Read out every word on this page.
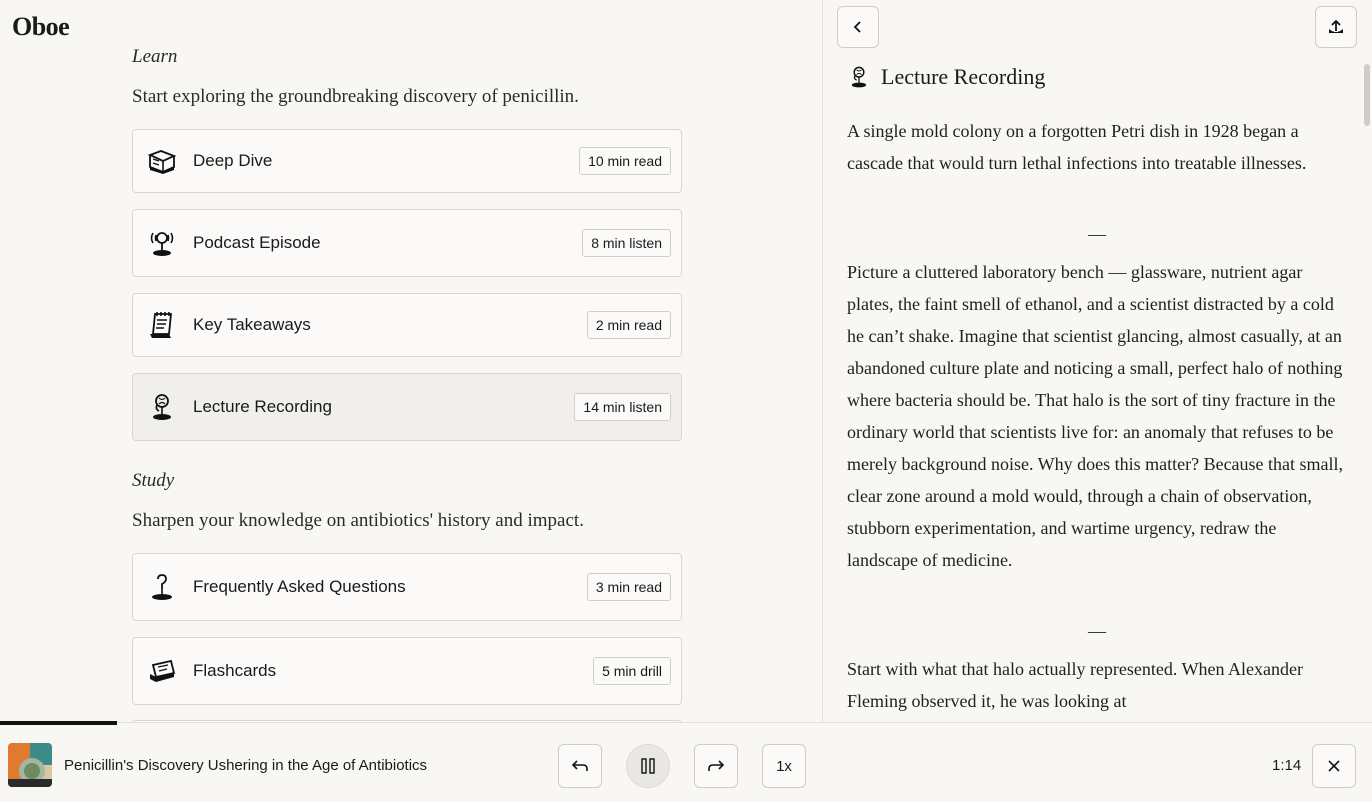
Oboe
Learn
Start exploring the groundbreaking discovery of penicillin.
Deep Dive	10 min read
Podcast Episode	8 min listen
Key Takeaways	2 min read
Lecture Recording	14 min listen
Study
Sharpen your knowledge on antibiotics' history and impact.
Frequently Asked Questions	3 min read
Flashcards	5 min drill
Lecture Recording

A single mold colony on a forgotten Petri dish in 1928 began a cascade that would turn lethal infections into treatable illnesses.

—

Picture a cluttered laboratory bench — glassware, nutrient agar plates, the faint smell of ethanol, and a scientist distracted by a cold he can’t shake. Imagine that scientist glancing, almost casually, at an abandoned culture plate and noticing a small, perfect halo of nothing where bacteria should be. That halo is the sort of tiny fracture in the ordinary world that scientists live for: an anomaly that refuses to be merely background noise. Why does this matter? Because that small, clear zone around a mold would, through a chain of observation, stubborn experimentation, and wartime urgency, redraw the landscape of medicine.

—

Start with what that halo actually represented. When Alexander Fleming observed it, he was looking at

Penicillin's Discovery Ushering in the Age of Antibiotics	1x	1:14
